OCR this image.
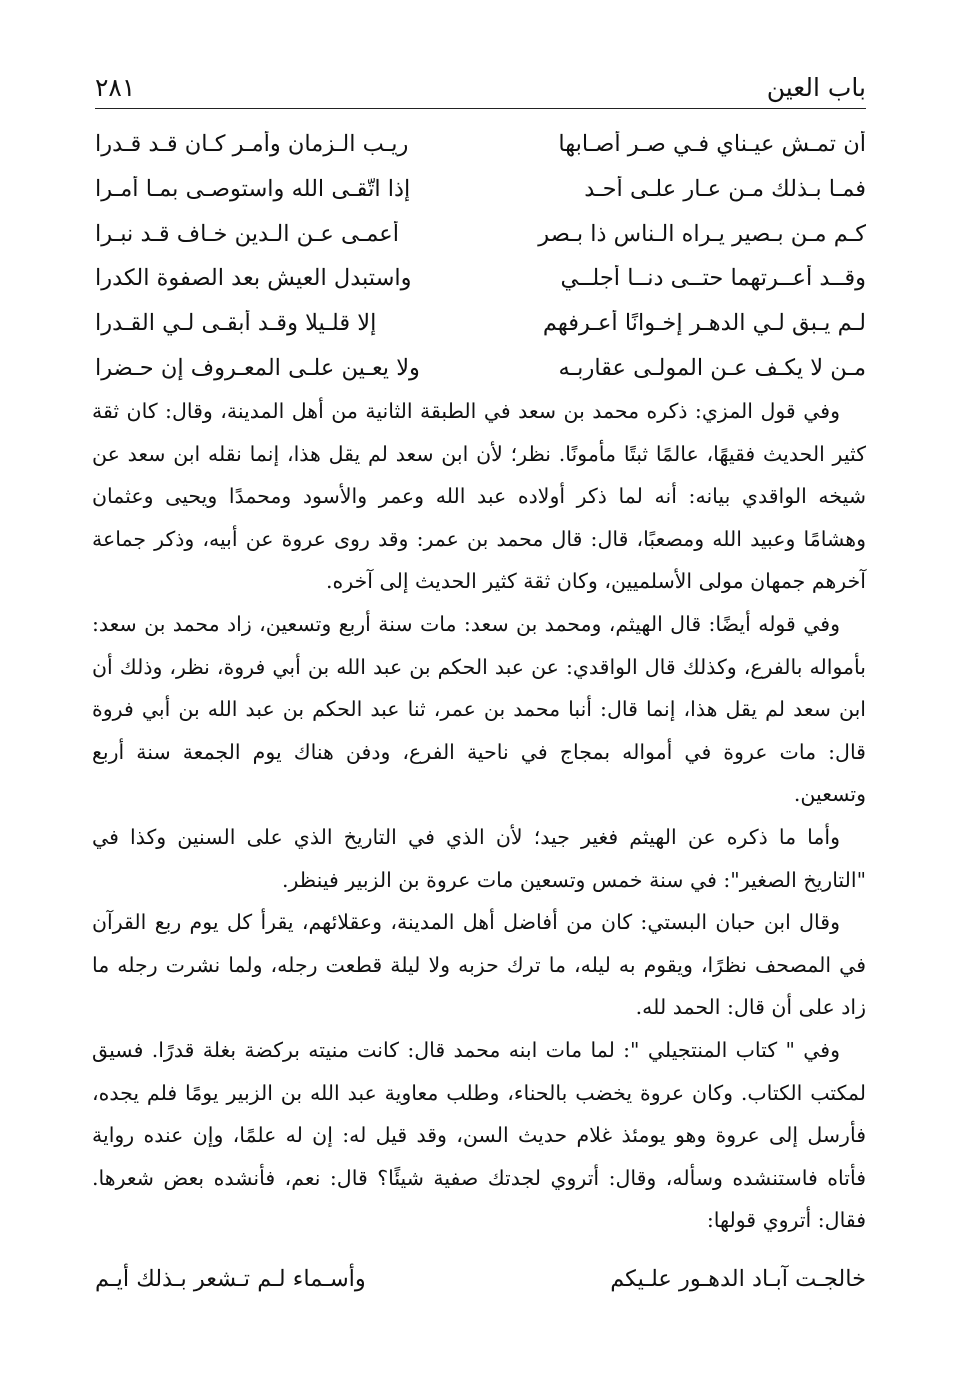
باب العين
٢٨١
أن تمـش عيـناي فـي صـر أصـابها
ريـب الـزمان وأمـر كـان قـد قـدرا
فمـا بـذلك مـن عـار علـى أحـد
إذا اتّقـى الله واستوصـى بمـا أمـرا
كـم مـن بـصير يـراه الـناس ذا بـصر
أعمـى عـن الـدين خـاف قـد نبـرا
وقــد أعــرتهما حتــى دنــا أجلــي
واستبدل العيش بعد الصفوة الكدرا
لـم يـبق لـي الدهـر إخـوانًا أعـرفهم
إلا قلـيلا وقـد أبقـى لـي القـدرا
مـن لا يكـف عـن المولـى عقاربـه
ولا يعـين علـى المعـروف إن حـضرا

وفي قول المزي: ذكره محمد بن سعد في الطبقة الثانية من أهل المدينة، وقال: كان ثقة كثير الحديث فقيهًا، عالمًا ثبتًا مأمونًا. نظر؛ لأن ابن سعد لم يقل هذا، إنما نقله ابن سعد عن شيخه الواقدي بيانه: أنه لما ذكر أولاده عبد الله وعمر والأسود ومحمدًا ويحيى وعثمان وهشامًا وعبيد الله ومصعبًا، قال: قال محمد بن عمر: وقد روى عروة عن أبيه، وذكر جماعة آخرهم جمهان مولى الأسلميين، وكان ثقة كثير الحديث إلى آخره.

وفي قوله أيضًا: قال الهيثم، ومحمد بن سعد: مات سنة أربع وتسعين، زاد محمد بن سعد: بأمواله بالفرع، وكذلك قال الواقدي: عن عبد الحكم بن عبد الله بن أبي فروة، نظر، وذلك أن ابن سعد لم يقل هذا، إنما قال: أنبا محمد بن عمر، ثنا عبد الحكم بن عبد الله بن أبي فروة قال: مات عروة في أمواله بمجاج في ناحية الفرع، ودفن هناك يوم الجمعة سنة أربع وتسعين.

وأما ما ذكره عن الهيثم فغير جيد؛ لأن الذي في التاريخ الذي على السنين وكذا في "التاريخ الصغير": في سنة خمس وتسعين مات عروة بن الزبير فينظر.

وقال ابن حبان البستي: كان من أفاضل أهل المدينة، وعقلائهم، يقرأ كل يوم ربع القرآن في المصحف نظرًا، ويقوم به ليله، ما ترك حزبه ولا ليلة قطعت رجله، ولما نشرت رجله ما زاد على أن قال: الحمد لله.

وفي " كتاب المنتجيلي ": لما مات ابنه محمد قال: كانت منيته بركضة بغلة قدرًا. فسيق لمكتب الكتاب. وكان عروة يخضب بالحناء، وطلب معاوية عبد الله بن الزبير يومًا فلم يجده، فأرسل إلى عروة وهو يومئذ غلام حديث السن، وقد قيل له: إن له علمًا، وإن عنده رواية فأتاه فاستنشده وسأله، وقال: أتروي لجدتك صفية شيئًا؟ قال: نعم، فأنشده بعض شعرها. فقال: أتروي قولها:

خالجـت آبـاد الدهـور علـيكم
وأسـماء لـم تـشعر بـذلك أيـم
